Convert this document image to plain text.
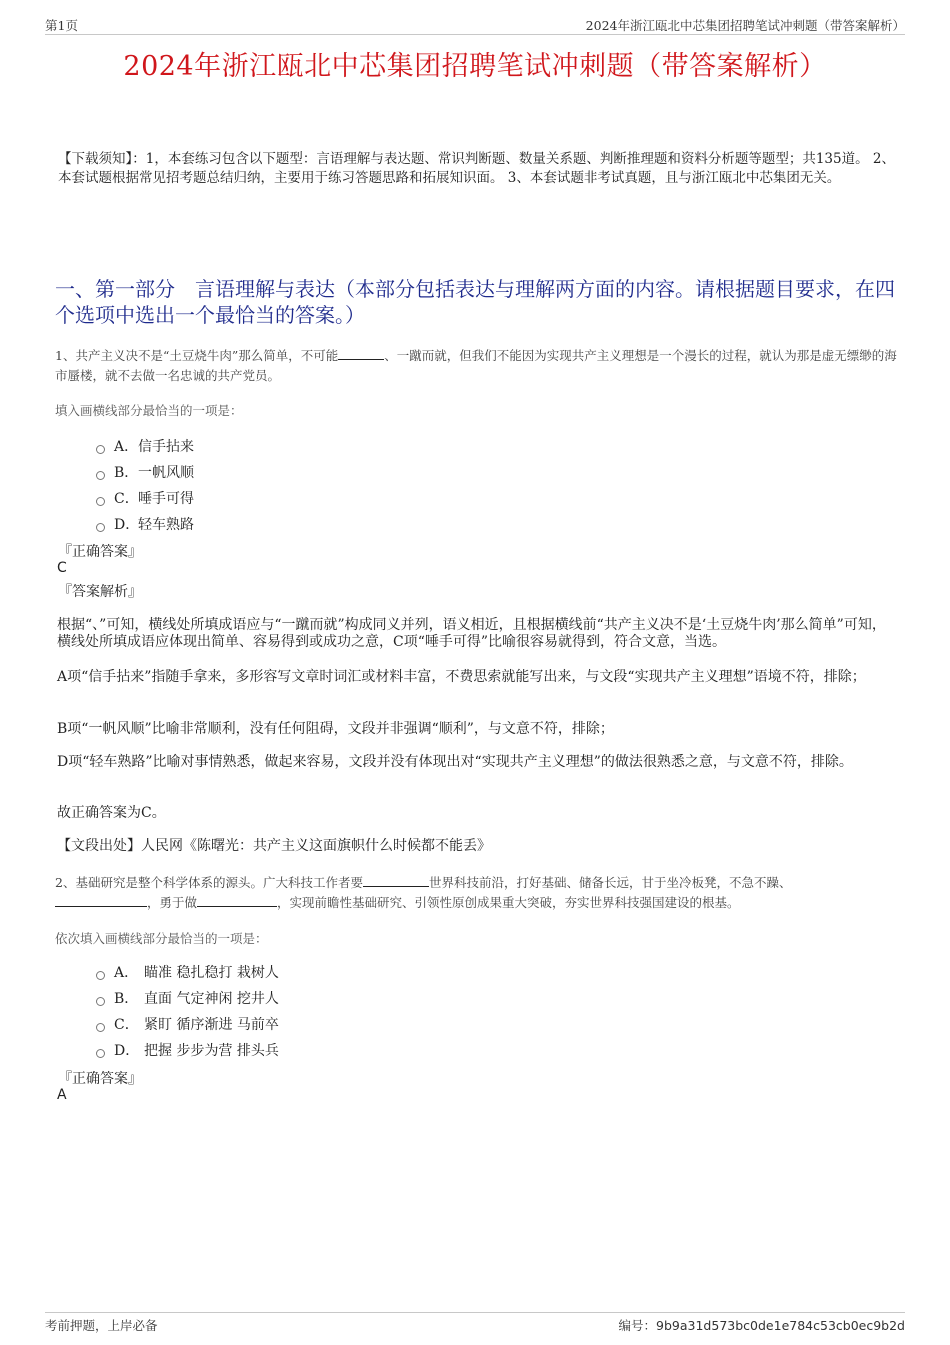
第1页	2024年浙江瓯北中芯集团招聘笔试冲刺题（带答案解析）
2024年浙江瓯北中芯集团招聘笔试冲刺题（带答案解析）
【下载须知】：1，本套练习包含以下题型：言语理解与表达题、常识判断题、数量关系题、判断推理题和资料分析题等题型；共135道。 2、本套试题根据常见招考题总结归纳，主要用于练习答题思路和拓展知识面。 3、本套试题非考试真题，且与浙江瓯北中芯集团无关。
一、第一部分　言语理解与表达（本部分包括表达与理解两方面的内容。请根据题目要求，在四个选项中选出一个最恰当的答案。）
1、共产主义决不是“土豆烧牛肉”那么简单，不可能	、一蹴而就，但我们不能因为实现共产主义理想是一个漫长的过程，就认为那是虚无缥缈的海市蜃楼，就不去做一名忠诚的共产党员。
填入画横线部分最恰当的一项是：
A． 信手拈来
B． 一帆风顺
C． 唾手可得
D．
轻车熟路
『正确答案』
C
『答案解析』
根据“、”可知，横线处所填成语应与“一蹴而就”构成同义并列，语义相近，且根据横线前“共产主义决不是‘土豆烧牛肉’那么简单”可知，横线处所填成语应体现出简单、容易得到或成功之意，C项“唾手可得”比喻很容易就得到，符合文意，当选。
A项“信手拈来”指随手拿来，多形容写文章时词汇或材料丰富，不费思索就能写出来，与文段“实现共产主义理想”语境不符，排除；
B项“一帆风顺”比喻非常顺利，没有任何阻碍，文段并非强调“顺利”，与文意不符，排除；
D项“轻车熟路”比喻对事情熟悉，做起来容易，文段并没有体现出对“实现共产主义理想”的做法很熟悉之意，与文意不符，排除。
故正确答案为C。
【文段出处】人民网《陈曙光：共产主义这面旗帜什么时候都不能丢》
2、基础研究是整个科学体系的源头。广大科技工作者要	世界科技前沿，打好基础、储备长远，甘于坐冷板凳，不急不躁、
，勇于做	，实现前瞻性基础研究、引领性原创成果重大突破，夯实世界科技强国建设的根基。
依次填入画横线部分最恰当的一项是：
A． 瞄准 稳扎稳打 栽树人
B． 直面 气定神闲 挖井人
C． 紧盯 循序渐进 马前卒
D． 把握 步步为营 排头兵
『正确答案』
A
考前押题，上岸必备	编号：9b9a31d573bc0de1e784c53cb0ec9b2d
